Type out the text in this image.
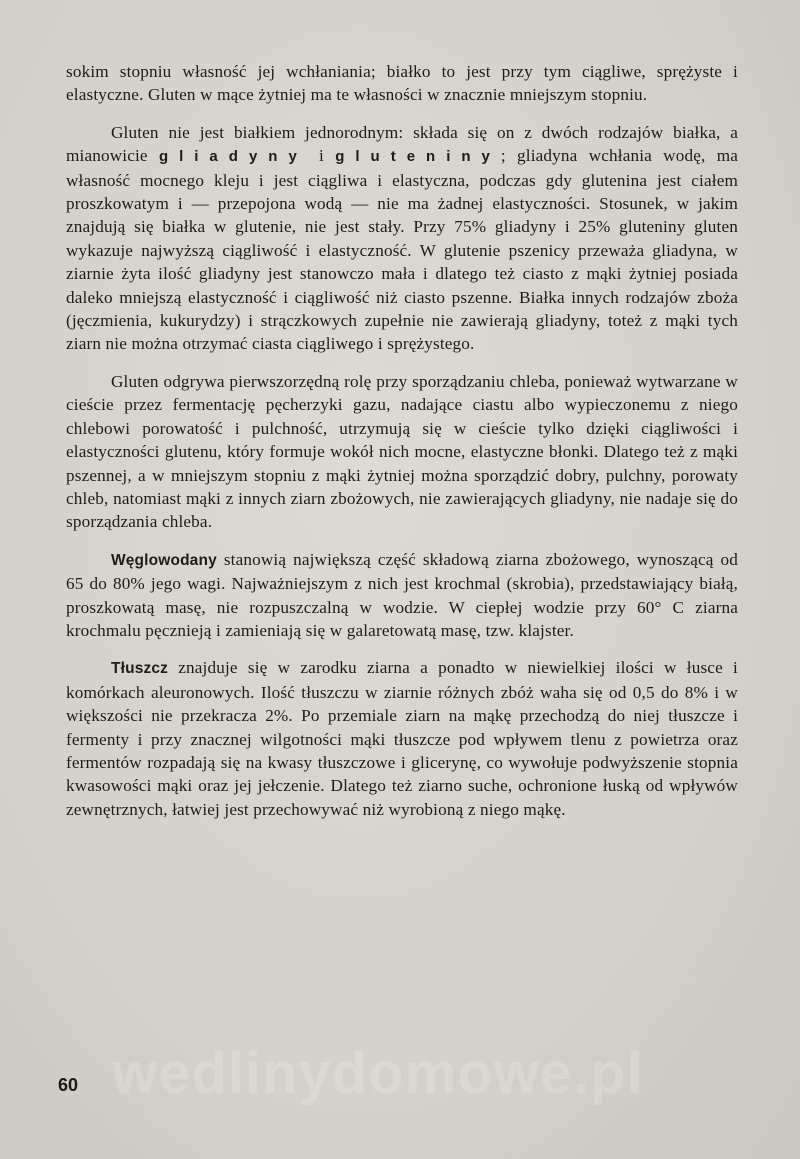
sokim stopniu własność jej wchłaniania; białko to jest przy tym ciągliwe, sprężyste i elastyczne. Gluten w mące żytniej ma te własności w znacznie mniejszym stopniu.

Gluten nie jest białkiem jednorodnym: składa się on z dwóch rodzajów białka, a mianowicie gliadyny i gluteniny; gliadyna wchłania wodę, ma własność mocnego kleju i jest ciągliwa i elastyczna, podczas gdy glutenina jest ciałem proszkowatym i — przepojona wodą — nie ma żadnej elastyczności. Stosunek, w jakim znajdują się białka w glutenie, nie jest stały. Przy 75% gliadyny i 25% gluteniny gluten wykazuje najwyższą ciągliwość i elastyczność. W glutenie pszenicy przeważa gliadyna, w ziarnie żyta ilość gliadyny jest stanowczo mała i dlatego też ciasto z mąki żytniej posiada daleko mniejszą elastyczność i ciągliwość niż ciasto pszenne. Białka innych rodzajów zboża (jęczmienia, kukurydzy) i strączkowych zupełnie nie zawierają gliadyny, toteż z mąki tych ziarn nie można otrzymać ciasta ciągliwego i sprężystego.

Gluten odgrywa pierwszorzędną rolę przy sporządzaniu chleba, ponieważ wytwarzane w cieście przez fermentację pęcherzyki gazu, nadające ciastu albo wypieczonemu z niego chlebowi porowatość i pulchność, utrzymują się w cieście tylko dzięki ciągliwości i elastyczności glutenu, który formuje wokół nich mocne, elastyczne błonki. Dlatego też z mąki pszennej, a w mniejszym stopniu z mąki żytniej można sporządzić dobry, pulchny, porowaty chleb, natomiast mąki z innych ziarn zbożowych, nie zawierających gliadyny, nie nadaje się do sporządzania chleba.

Węglowodany stanowią największą część składową ziarna zbożowego, wynoszącą od 65 do 80% jego wagi. Najważniejszym z nich jest krochmal (skrobia), przedstawiający białą, proszkowatą masę, nie rozpuszczalną w wodzie. W ciepłej wodzie przy 60° C ziarna krochmalu pęcznieją i zamieniają się w galaretowatą masę, tzw. klajster.

Tłuszcz znajduje się w zarodku ziarna a ponadto w niewielkiej ilości w łusce i komórkach aleuronowych. Ilość tłuszczu w ziarnie różnych zbóż waha się od 0,5 do 8% i w większości nie przekracza 2%. Po przemiale ziarn na mąkę przechodzą do niej tłuszcze i fermenty i przy znacznej wilgotności mąki tłuszcze pod wpływem tlenu z powietrza oraz fermentów rozpadają się na kwasy tłuszczowe i glicerynę, co wywołuje podwyższenie stopnia kwasowości mąki oraz jej jełczenie. Dlatego też ziarno suche, ochronione łuską od wpływów zewnętrznych, łatwiej jest przechowywać niż wyrobioną z niego mąkę.

wedlinydomowe.pl
60
